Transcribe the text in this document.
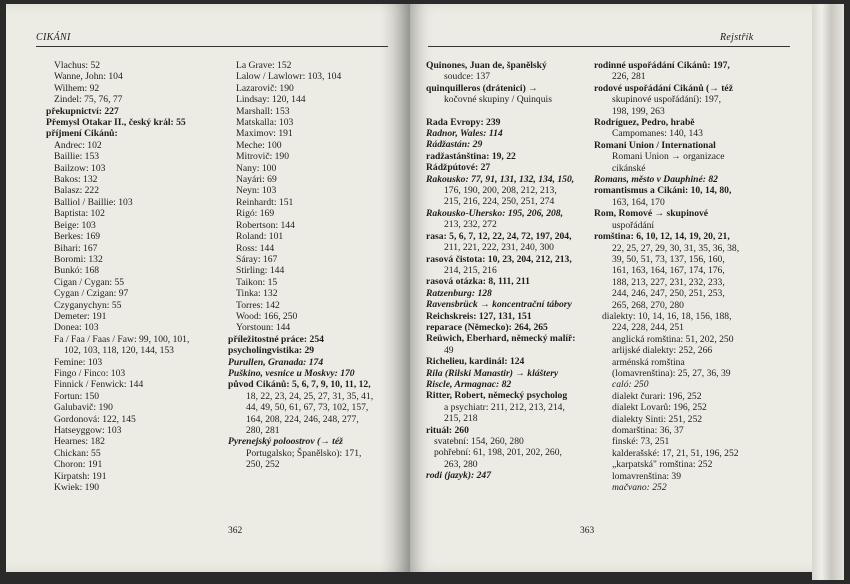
CIKÁNI
Vlachus: 52
Wanne, John: 104
Wilhem: 92
Zindel: 75, 76, 77
překupnictví: 227
Přemysl Otakar II., český král: 55
příjmení Cikánů:
Andrec: 102
Baillie: 153
Bailzow: 103
Bakos: 132
Balasz: 222
Balliol / Baillie: 103
Baptista: 102
Beige: 103
Berkes: 169
Bihari: 167
Boromi: 132
Bunkó: 168
Cigan / Cygan: 55
Cygan / Czigan: 97
Czyganychyn: 55
Demeter: 191
Donea: 103
Fa / Faa / Faas / Faw: 99, 100, 101,
102, 103, 118, 120, 144, 153
Femine: 103
Fingo / Finco: 103
Finnick / Fenwick: 144
Fortun: 150
Galubavič: 190
Gordonová: 122, 145
Hatseyggow: 103
Hearnes: 182
Chickan: 55
Choron: 191
Kirpatsh: 191
Kwiek: 190
La Grave: 152
Lalow / Lawlowr: 103, 104
Lazarovič: 190
Lindsay: 120, 144
Marshall: 153
Matskalla: 103
Maximov: 191
Meche: 100
Mitrovič: 190
Nany: 100
Nayári: 69
Neyn: 103
Reinhardt: 151
Rigó: 169
Robertson: 144
Roland: 101
Ross: 144
Sáray: 167
Stirling: 144
Taikon: 15
Tinka: 132
Torres: 142
Wood: 166, 250
Yorstoun: 144
příležitostné práce: 254
psycholingvistika: 29
Purullen, Granada: 174
Puškino, vesnice u Moskvy: 170
původ Cikánů: 5, 6, 7, 9, 10, 11, 12,
18, 22, 23, 24, 25, 27, 31, 35, 41,
44, 49, 50, 61, 67, 73, 102, 157,
164, 208, 224, 246, 248, 277,
280, 281
Pyrenejský poloostrov (→ též
Portugalsko; Španělsko): 171,
250, 252
362
Rejstřík
Quinones, Juan de, španělský
soudce: 137
quinquilleros (drátenici) →
kočovné skupiny / Quinquis
Rada Evropy: 239
Radnor, Wales: 114
Rádžastán: 29
radžastánština: 19, 22
Rádžpútové: 27
Rakousko: 77, 91, 131, 132, 134, 150,
176, 190, 200, 208, 212, 213,
215, 216, 224, 250, 251, 274
Rakousko-Uhersko: 195, 206, 208,
213, 232, 272
rasa: 5, 6, 7, 12, 22, 24, 72, 197, 204,
211, 221, 222, 231, 240, 300
rasová čistota: 10, 23, 204, 212, 213,
214, 215, 216
rasová otázka: 8, 111, 211
Ratzenburg: 128
Ravensbrück → koncentrační tábory
Reichskreis: 127, 131, 151
reparace (Německo): 264, 265
Reüwich, Eberhard, německý malíř:
49
Richelieu, kardinál: 124
Rila (Rilski Manastir) → kláštery
Riscle, Armagnac: 82
Ritter, Robert, německý psycholog
a psychiatr: 211, 212, 213, 214,
215, 218
rituál: 260
svatební: 154, 260, 280
pohřební: 61, 198, 201, 202, 260,
263, 280
rodi (jazyk): 247
rodinné uspořádání Cikánů: 197,
226, 281
rodové uspořádání Cikánů (→ též
skupinové uspořádání): 197,
198, 199, 263
Rodríguez, Pedro, hrabě
Campomanes: 140, 143
Romani Union / International
Romani Union → organizace
cikánské
Romans, město v Dauphiné: 82
romantismus a Cikáni: 10, 14, 80,
163, 164, 170
Rom, Romové → skupinové
uspořádání
romština: 6, 10, 12, 14, 19, 20, 21,
22, 25, 27, 29, 30, 31, 35, 36, 38,
39, 50, 51, 73, 137, 156, 160,
161, 163, 164, 167, 174, 176,
188, 213, 227, 231, 232, 233,
244, 246, 247, 250, 251, 253,
265, 268, 270, 280
dialekty: 10, 14, 16, 18, 156, 188,
224, 228, 244, 251
anglická romština: 51, 202, 250
arlijské dialekty: 252, 266
arménská romština
(lomavrenština): 25, 27, 36, 39
caló: 250
dialekt čurari: 196, 252
dialekt Lovarů: 196, 252
dialekty Sinti: 251, 252
domarština: 36, 37
finské: 73, 251
kalderašské: 17, 21, 51, 196, 252
„karpatská" romština: 252
lomavrenština: 39
mačvano: 252
363
